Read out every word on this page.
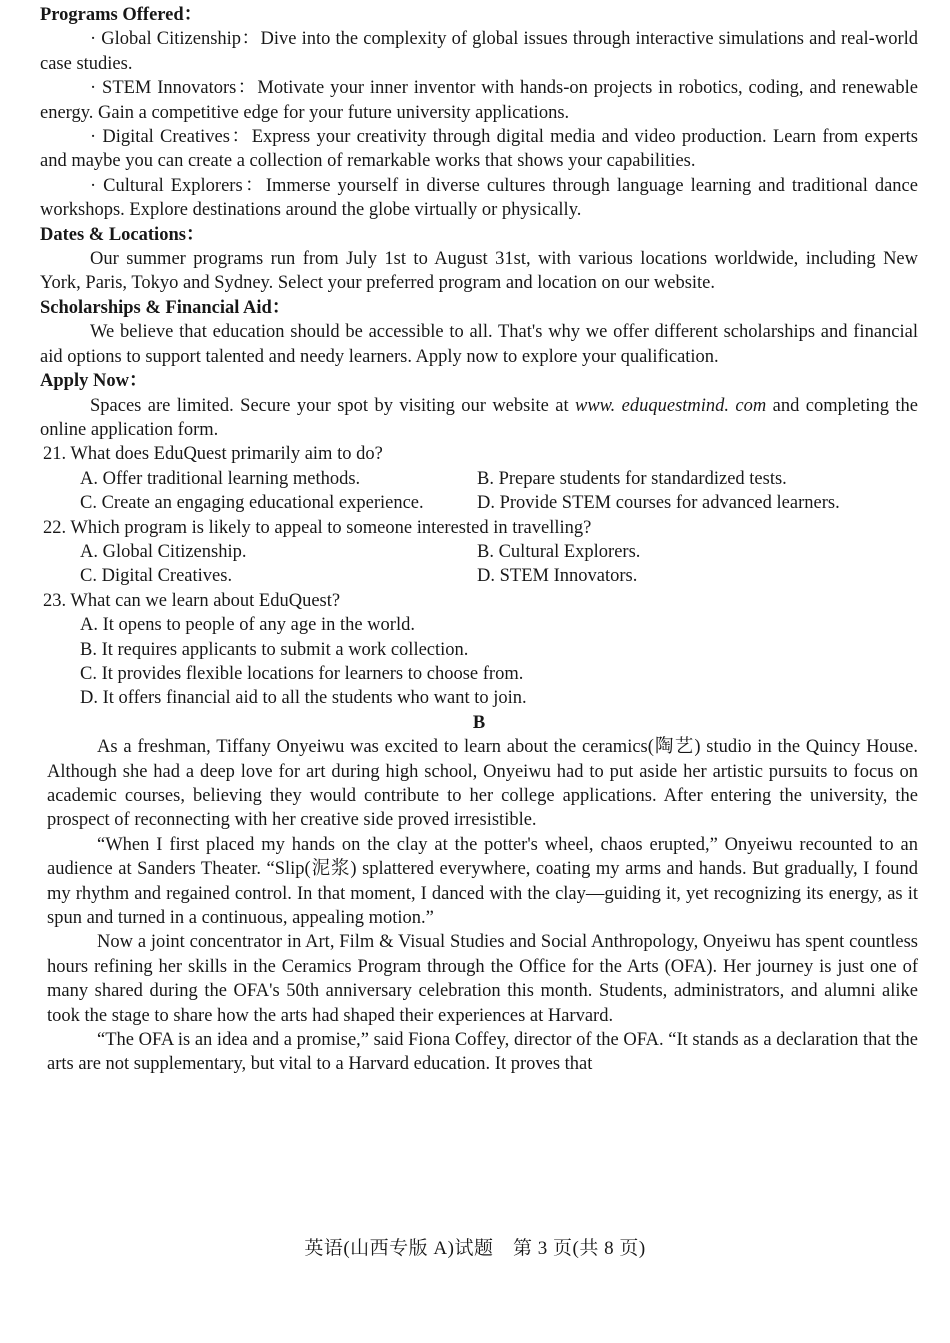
Programs Offered：

· Global Citizenship：Dive into the complexity of global issues through interactive simulations and real-world case studies.

· STEM Innovators：Motivate your inner inventor with hands-on projects in robotics, coding, and renewable energy. Gain a competitive edge for your future university applications.

· Digital Creatives：Express your creativity through digital media and video production. Learn from experts and maybe you can create a collection of remarkable works that shows your capabilities.

· Cultural Explorers：Immerse yourself in diverse cultures through language learning and traditional dance workshops. Explore destinations around the globe virtually or physically.

Dates & Locations：

Our summer programs run from July 1st to August 31st, with various locations worldwide, including New York, Paris, Tokyo and Sydney. Select your preferred program and location on our website.

Scholarships & Financial Aid：

We believe that education should be accessible to all. That's why we offer different scholarships and financial aid options to support talented and needy learners. Apply now to explore your qualification.

Apply Now：

Spaces are limited. Secure your spot by visiting our website at www. eduquestmind. com and completing the online application form.

21. What does EduQuest primarily aim to do?

A. Offer traditional learning methods.	B. Prepare students for standardized tests.
C. Create an engaging educational experience.	D. Provide STEM courses for advanced learners.

22. Which program is likely to appeal to someone interested in travelling?

A. Global Citizenship.	B. Cultural Explorers.
C. Digital Creatives.	D. STEM Innovators.

23. What can we learn about EduQuest?

A. It opens to people of any age in the world.
B. It requires applicants to submit a work collection.
C. It provides flexible locations for learners to choose from.
D. It offers financial aid to all the students who want to join.

B

As a freshman, Tiffany Onyeiwu was excited to learn about the ceramics(陶艺) studio in the Quincy House. Although she had a deep love for art during high school, Onyeiwu had to put aside her artistic pursuits to focus on academic courses, believing they would contribute to her college applications. After entering the university, the prospect of reconnecting with her creative side proved irresistible.

“When I first placed my hands on the clay at the potter's wheel, chaos erupted,” Onyeiwu recounted to an audience at Sanders Theater. “Slip(泥浆) splattered everywhere, coating my arms and hands. But gradually, I found my rhythm and regained control. In that moment, I danced with the clay—guiding it, yet recognizing its energy, as it spun and turned in a continuous, appealing motion.”

Now a joint concentrator in Art, Film & Visual Studies and Social Anthropology, Onyeiwu has spent countless hours refining her skills in the Ceramics Program through the Office for the Arts (OFA). Her journey is just one of many shared during the OFA's 50th anniversary celebration this month. Students, administrators, and alumni alike took the stage to share how the arts had shaped their experiences at Harvard.

“The OFA is an idea and a promise,” said Fiona Coffey, director of the OFA. “It stands as a declaration that the arts are not supplementary, but vital to a Harvard education. It proves that

英语(山西专版 A)试题　第 3 页(共 8 页)
